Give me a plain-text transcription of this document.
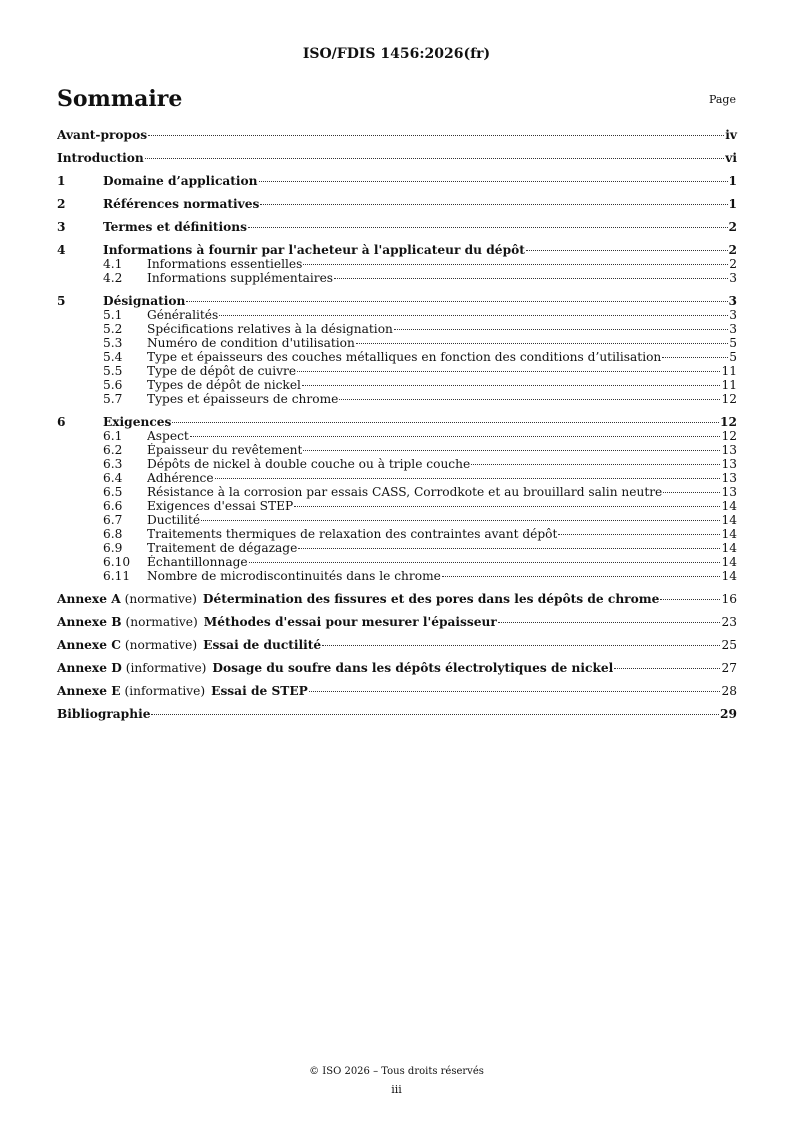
ISO/FDIS 1456:2026(fr)
Sommaire	Page
Avant-propos	iv
Introduction	vi
1	Domaine d’application	1
2	Références normatives	1
3	Termes et définitions	2
4	Informations à fournir par l'acheteur à l'applicateur du dépôt	2
4.1	Informations essentielles	2
4.2	Informations supplémentaires	3
5	Désignation	3
5.1	Généralités	3
5.2	Spécifications relatives à la désignation	3
5.3	Numéro de condition d'utilisation	5
5.4	Type et épaisseurs des couches métalliques en fonction des conditions d’utilisation	5
5.5	Type de dépôt de cuivre	11
5.6	Types de dépôt de nickel	11
5.7	Types et épaisseurs de chrome	12
6	Exigences	12
6.1	Aspect	12
6.2	Épaisseur du revêtement	13
6.3	Dépôts de nickel à double couche ou à triple couche	13
6.4	Adhérence	13
6.5	Résistance à la corrosion par essais CASS, Corrodkote et au brouillard salin neutre	13
6.6	Exigences d'essai STEP	14
6.7	Ductilité	14
6.8	Traitements thermiques de relaxation des contraintes avant dépôt	14
6.9	Traitement de dégazage	14
6.10	Échantillonnage	14
6.11	Nombre de microdiscontinuités dans le chrome	14
Annexe A (normative) Détermination des fissures et des pores dans les dépôts de chrome	16
Annexe B (normative) Méthodes d'essai pour mesurer l'épaisseur	23
Annexe C (normative) Essai de ductilité	25
Annexe D (informative) Dosage du soufre dans les dépôts électrolytiques de nickel	27
Annexe E (informative) Essai de STEP	28
Bibliographie	29
© ISO 2026 – Tous droits réservés
iii
